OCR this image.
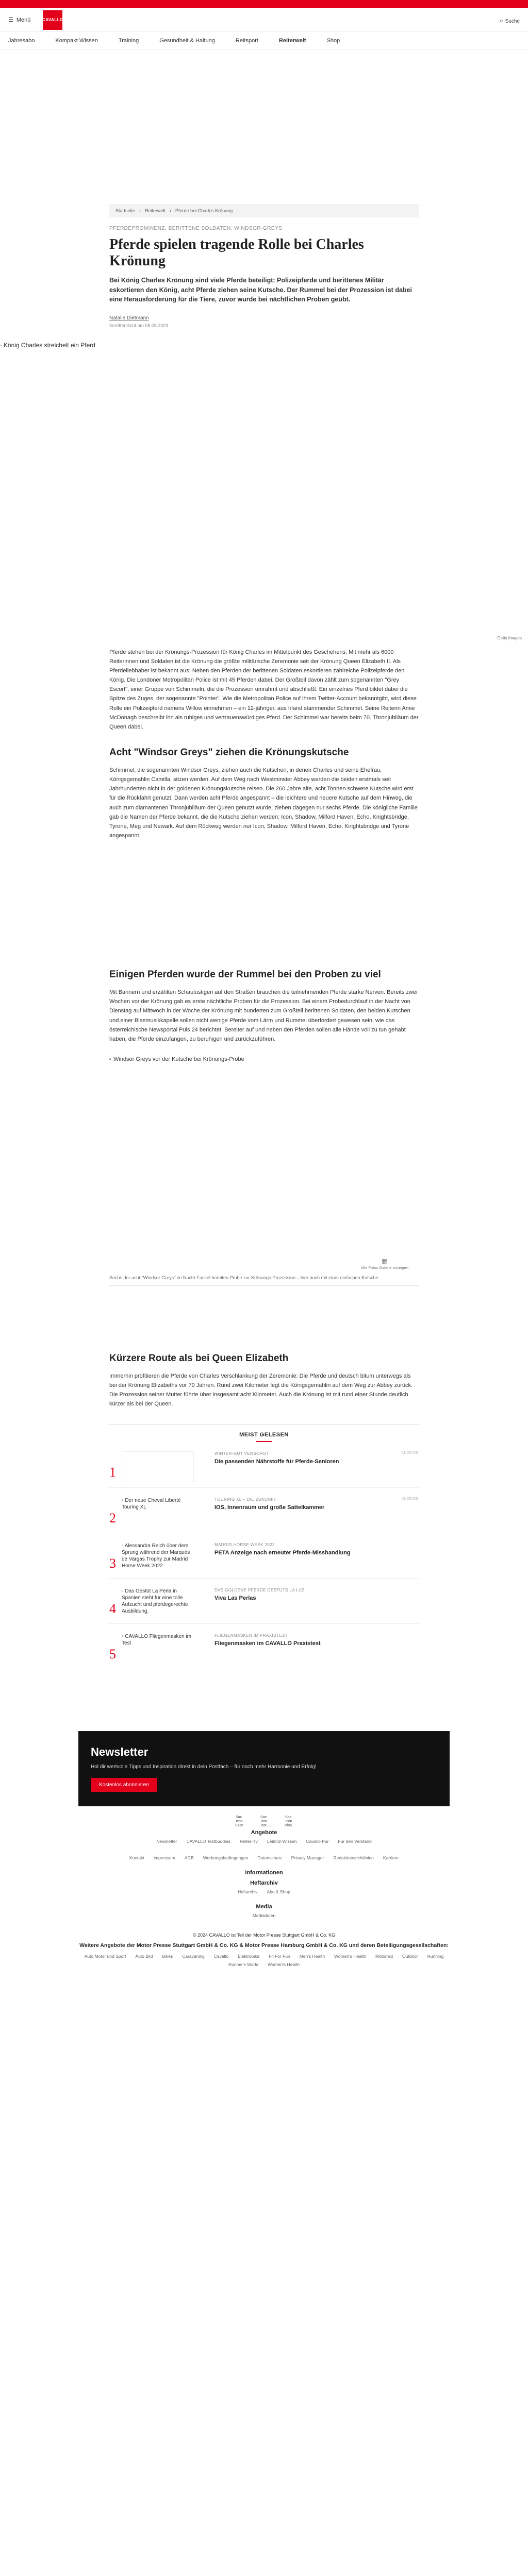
☰ Menü	CAVALLO	⌕ Suche
Jahresabo	Kompakt Wissen	Training	Gesundheit & Haltung	Reitsport	Reiterwelt	Shop
Startseite › Reiterwelt › Pferde bei Charles Krönung
PFERDEPROMINENZ, BERITTENE SOLDATEN, WINDSOR-GREYS
Pferde spielen tragende Rolle bei Charles Krönung
Bei König Charles Krönung sind viele Pferde beteiligt: Polizeipferde und berittenes Militär eskortieren den König, acht Pferde ziehen seine Kutsche. Der Rummel bei der Prozession ist dabei eine Herausforderung für die Tiere, zuvor wurde bei nächtlichen Proben geübt.
Natalie Dietmann
Veröffentlicht am 05.05.2023
▫ König Charles streichelt ein Pferd
Getty Images

Pferde stehen bei der Krönungs-Prozession für König Charles im Mittelpunkt des Geschehens. Mit mehr als 6000 Reiterinnen und Soldaten ist die Krönung die größte militärische Zeremonie seit der Krönung Queen Elizabeth II. Als Pferdeliebhaber ist bekannt aus: Neben den Pferden der berittenen Soldaten eskortieren zahlreiche Polizeipferde den König. Die Londoner Metropolitan Police ist mit 45 Pferden dabei. Der Großteil davon zählt zum sogenannten "Grey Escort", einer Gruppe von Schimmeln, die die Prozession umrahmt und abschließt. Ein einzelnes Pferd bildet dabei die Spitze des Zuges, der sogenannte "Pointer". Wie die Metropolitan Police auf ihrem Twitter-Account bekanntgibt, wird diese Rolle ein Polizeipferd namens Willow einnehmen – ein 12-jähriger, aus Irland stammender Schimmel. Seine Reiterin Amie McDonagh beschreibt ihn als ruhiges und vertrauenswürdiges Pferd. Der Schimmel war bereits beim 70. Thronjubiläum der Queen dabei.

Acht "Windsor Greys" ziehen die Krönungskutsche

Schimmel, die sogenannten Windsor Greys, ziehen auch die Kutschen, in denen Charles und seine Ehefrau, Königsgemahlin Camilla, sitzen werden. Auf dem Weg nach Westminster Abbey werden die beiden erstmals seit Jahrhunderten nicht in der goldenen Krönungskutsche reisen. Die 260 Jahre alte, acht Tonnen schwere Kutsche wird erst für die Rückfahrt genutzt. Dann werden acht Pferde angespannt – die leichtere und neuere Kutsche auf dem Hinweg, die auch zum diamantenen Thronjubiläum der Queen genutzt wurde, ziehen dagegen nur sechs Pferde. Die königliche Familie gab die Namen der Pferde bekannt, die die Kutsche ziehen werden: Icon, Shadow, Milford Haven, Echo, Knightsbridge, Tyrone, Meg und Newark. Auf dem Rückweg werden nur Icon, Shadow, Milford Haven, Echo, Knightsbridge und Tyrone angespannt.

Einigen Pferden wurde der Rummel bei den Proben zu viel

Mit Bannern und erzählten Schaulustigen auf den Straßen brauchen die teilnehmenden Pferde starke Nerven. Bereits zwei Wochen vor der Krönung gab es erste nächtliche Proben für die Prozession. Bei einem Probedurchlauf in der Nacht von Dienstag auf Mittwoch in der Woche der Krönung mit hunderten zum Großteil berittenen Soldaten, den beiden Kutschen und einer Blasmusikkapelle sollen nicht wenige Pferde vom Lärm und Rummel überfordert gewesen sein, wie das österreichische Newsportal Puls 24 berichtet. Bereiter auf und neben den Pferden sollen alle Hände voll zu tun gehabt haben, die Pferde einzufangen, zu beruhigen und zurückzuführen.

▫ Windsor Greys vor der Kutsche bei Krönungs-Probe
▦
Alle Fotos Galerie anzeigen
Sechs der acht "Windsor Greys" im Nacht-Fackel bereiten Probe zur Krönungs-Prozession – hier noch mit einer einfachen Kutsche.
Kürzere Route als bei Queen Elizabeth

Immerhin profitieren die Pferde von Charles Verschlankung der Zeremonie: Die Pferde und deutsch bitum unterwegs als bei der Krönung Elizabeths vor 70 Jahren. Rund zwei Kilometer legt die Königsgemahlin auf dem Weg zur Abbey zurück. Die Prozession seiner Mutter führte über insgesamt acht Kilometer. Auch die Krönung ist mit rund einer Stunde deutlich kürzer als bei der Queen.

MEIST GELESEN
1
WINTER-GUT VERSORGT	ANZEIGE
Die passenden Nährstoffe für Pferde-Senioren
2
▫ Der neue Cheval Liberté Touring XL
TOURING XL – DIE ZUKUNFT	ANZEIGE
IOS, Innenraum und große Sattelkammer
3
▫ Alessandra Reich über dem Sprung während der Marqués de Vargas Trophy zur Madrid Horse Week 2022
MADRID HORSE WEEK 2022
PETA Anzeige nach erneuter Pferde-Misshandlung
4
▫ Das Gestüt La Perla in Spanien steht für eine tolle Aufzucht und pferdegerechte Ausbildung.
DAS GOLDENE PFERDE GESTÜTS LA LUZ
Viva Las Perlas
5
▫ CAVALLO Fliegenmasken im Test
FLIEGENMASKEN IM PRAXISTEST
Fliegenmasken im CAVALLO Praxistest
Newsletter
Hol dir wertvolle Tipps und Inspiration direkt in dein Postfach – für noch mehr Harmonie und Erfolg!
Kostenlos abonnieren
Soc. Icon Face
Soc. Icon Inst.
Soc. Icon Pinn.
Angebote
Newsletter CAVALLO Testbuddies Reiter-Tv Leibniz-Wissen Cavallo Pur Für den Verstand
Kontakt Impressum AGB Werbungsbedingungen Datenschutz Privacy Manager Redaktionsrichtlinien Karriere
Informationen
Heftarchiv
Heftarchiv Abo & Shop
Media
Mediadaten
© 2024 CAVALLO ist Teil der Motor Presse Stuttgart GmbH & Co. KG
Weitere Angebote der Motor Presse Stuttgart GmbH & Co. KG & Motor Presse Hamburg GmbH & Co. KG und deren Beteiligungsgesellschaften:
Auto Motor und Sport Auto Bild Bikes Caravaning Cavallo Elektrobike Fit For Fun Men's Health Women's Health Motorrad Outdoor Running
Runner's World Women's Health
